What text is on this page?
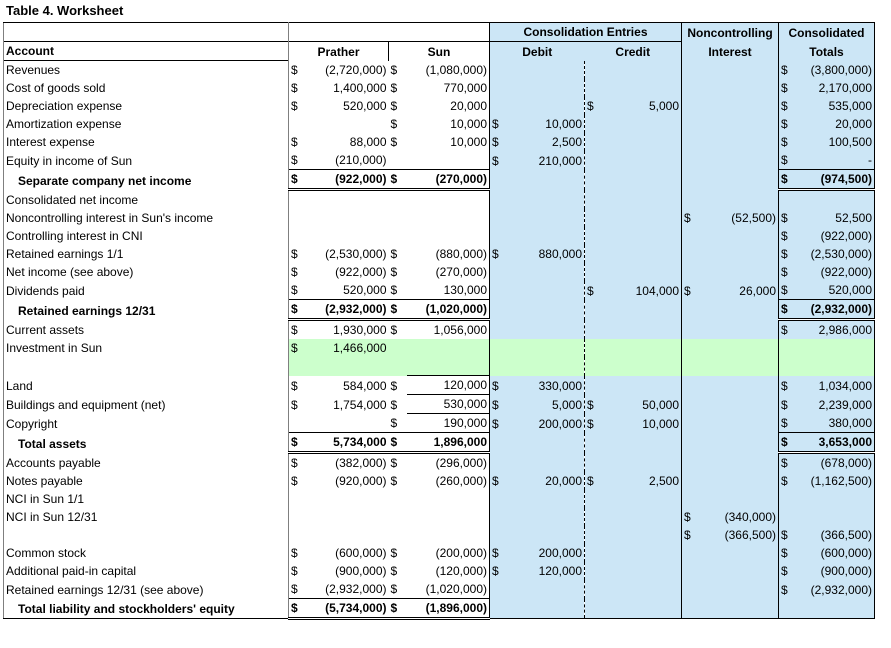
Table 4. Worksheet
					Consolidation Entries				Noncontrolling		Consolidated	
Account	Prather		Sun		Debit		Credit		Interest		Totals	
Revenues	$	(2,720,000)	$	(1,080,000)							$	(3,800,000)
Cost of goods sold	$	1,400,000	$	770,000							$	2,170,000
Depreciation expense	$	520,000	$	20,000			$	5,000			$	535,000
Amortization expense			$	10,000	$	10,000					$	20,000
Interest expense	$	88,000	$	10,000	$	2,500					$	100,500
Equity in income of Sun	$	(210,000)			$	210,000					$	-
Separate company net income	$	(922,000)	$	(270,000)							$	(974,500)
Consolidated net income												
Noncontrolling interest in Sun's income									$	(52,500)	$	52,500
Controlling interest in CNI											$	(922,000)
Retained earnings 1/1	$	(2,530,000)	$	(880,000)	$	880,000					$	(2,530,000)
Net income (see above)	$	(922,000)	$	(270,000)							$	(922,000)
Dividends paid	$	520,000	$	130,000			$	104,000	$	26,000	$	520,000
Retained earnings 12/31	$	(2,932,000)	$	(1,020,000)							$	(2,932,000)
Current assets	$	1,930,000	$	1,056,000							$	2,986,000
Investment in Sun	$	1,466,000										

Land	$	584,000	$	120,000	$	330,000					$	1,034,000
Buildings and equipment (net)	$	1,754,000	$	530,000	$	5,000	$	50,000			$	2,239,000
Copyright			$	190,000	$	200,000	$	10,000			$	380,000
Total assets	$	5,734,000	$	1,896,000							$	3,653,000
Accounts payable	$	(382,000)	$	(296,000)							$	(678,000)
Notes payable	$	(920,000)	$	(260,000)	$	20,000	$	2,500			$	(1,162,500)
NCI in Sun 1/1												
NCI in Sun 12/31									$	(340,000)		
									$	(366,500)	$	(366,500)
Common stock	$	(600,000)	$	(200,000)	$	200,000					$	(600,000)
Additional paid-in capital	$	(900,000)	$	(120,000)	$	120,000					$	(900,000)
Retained earnings 12/31 (see above)	$	(2,932,000)	$	(1,020,000)							$	(2,932,000)
Total liability and stockholders' equity	$	(5,734,000)	$	(1,896,000)								
